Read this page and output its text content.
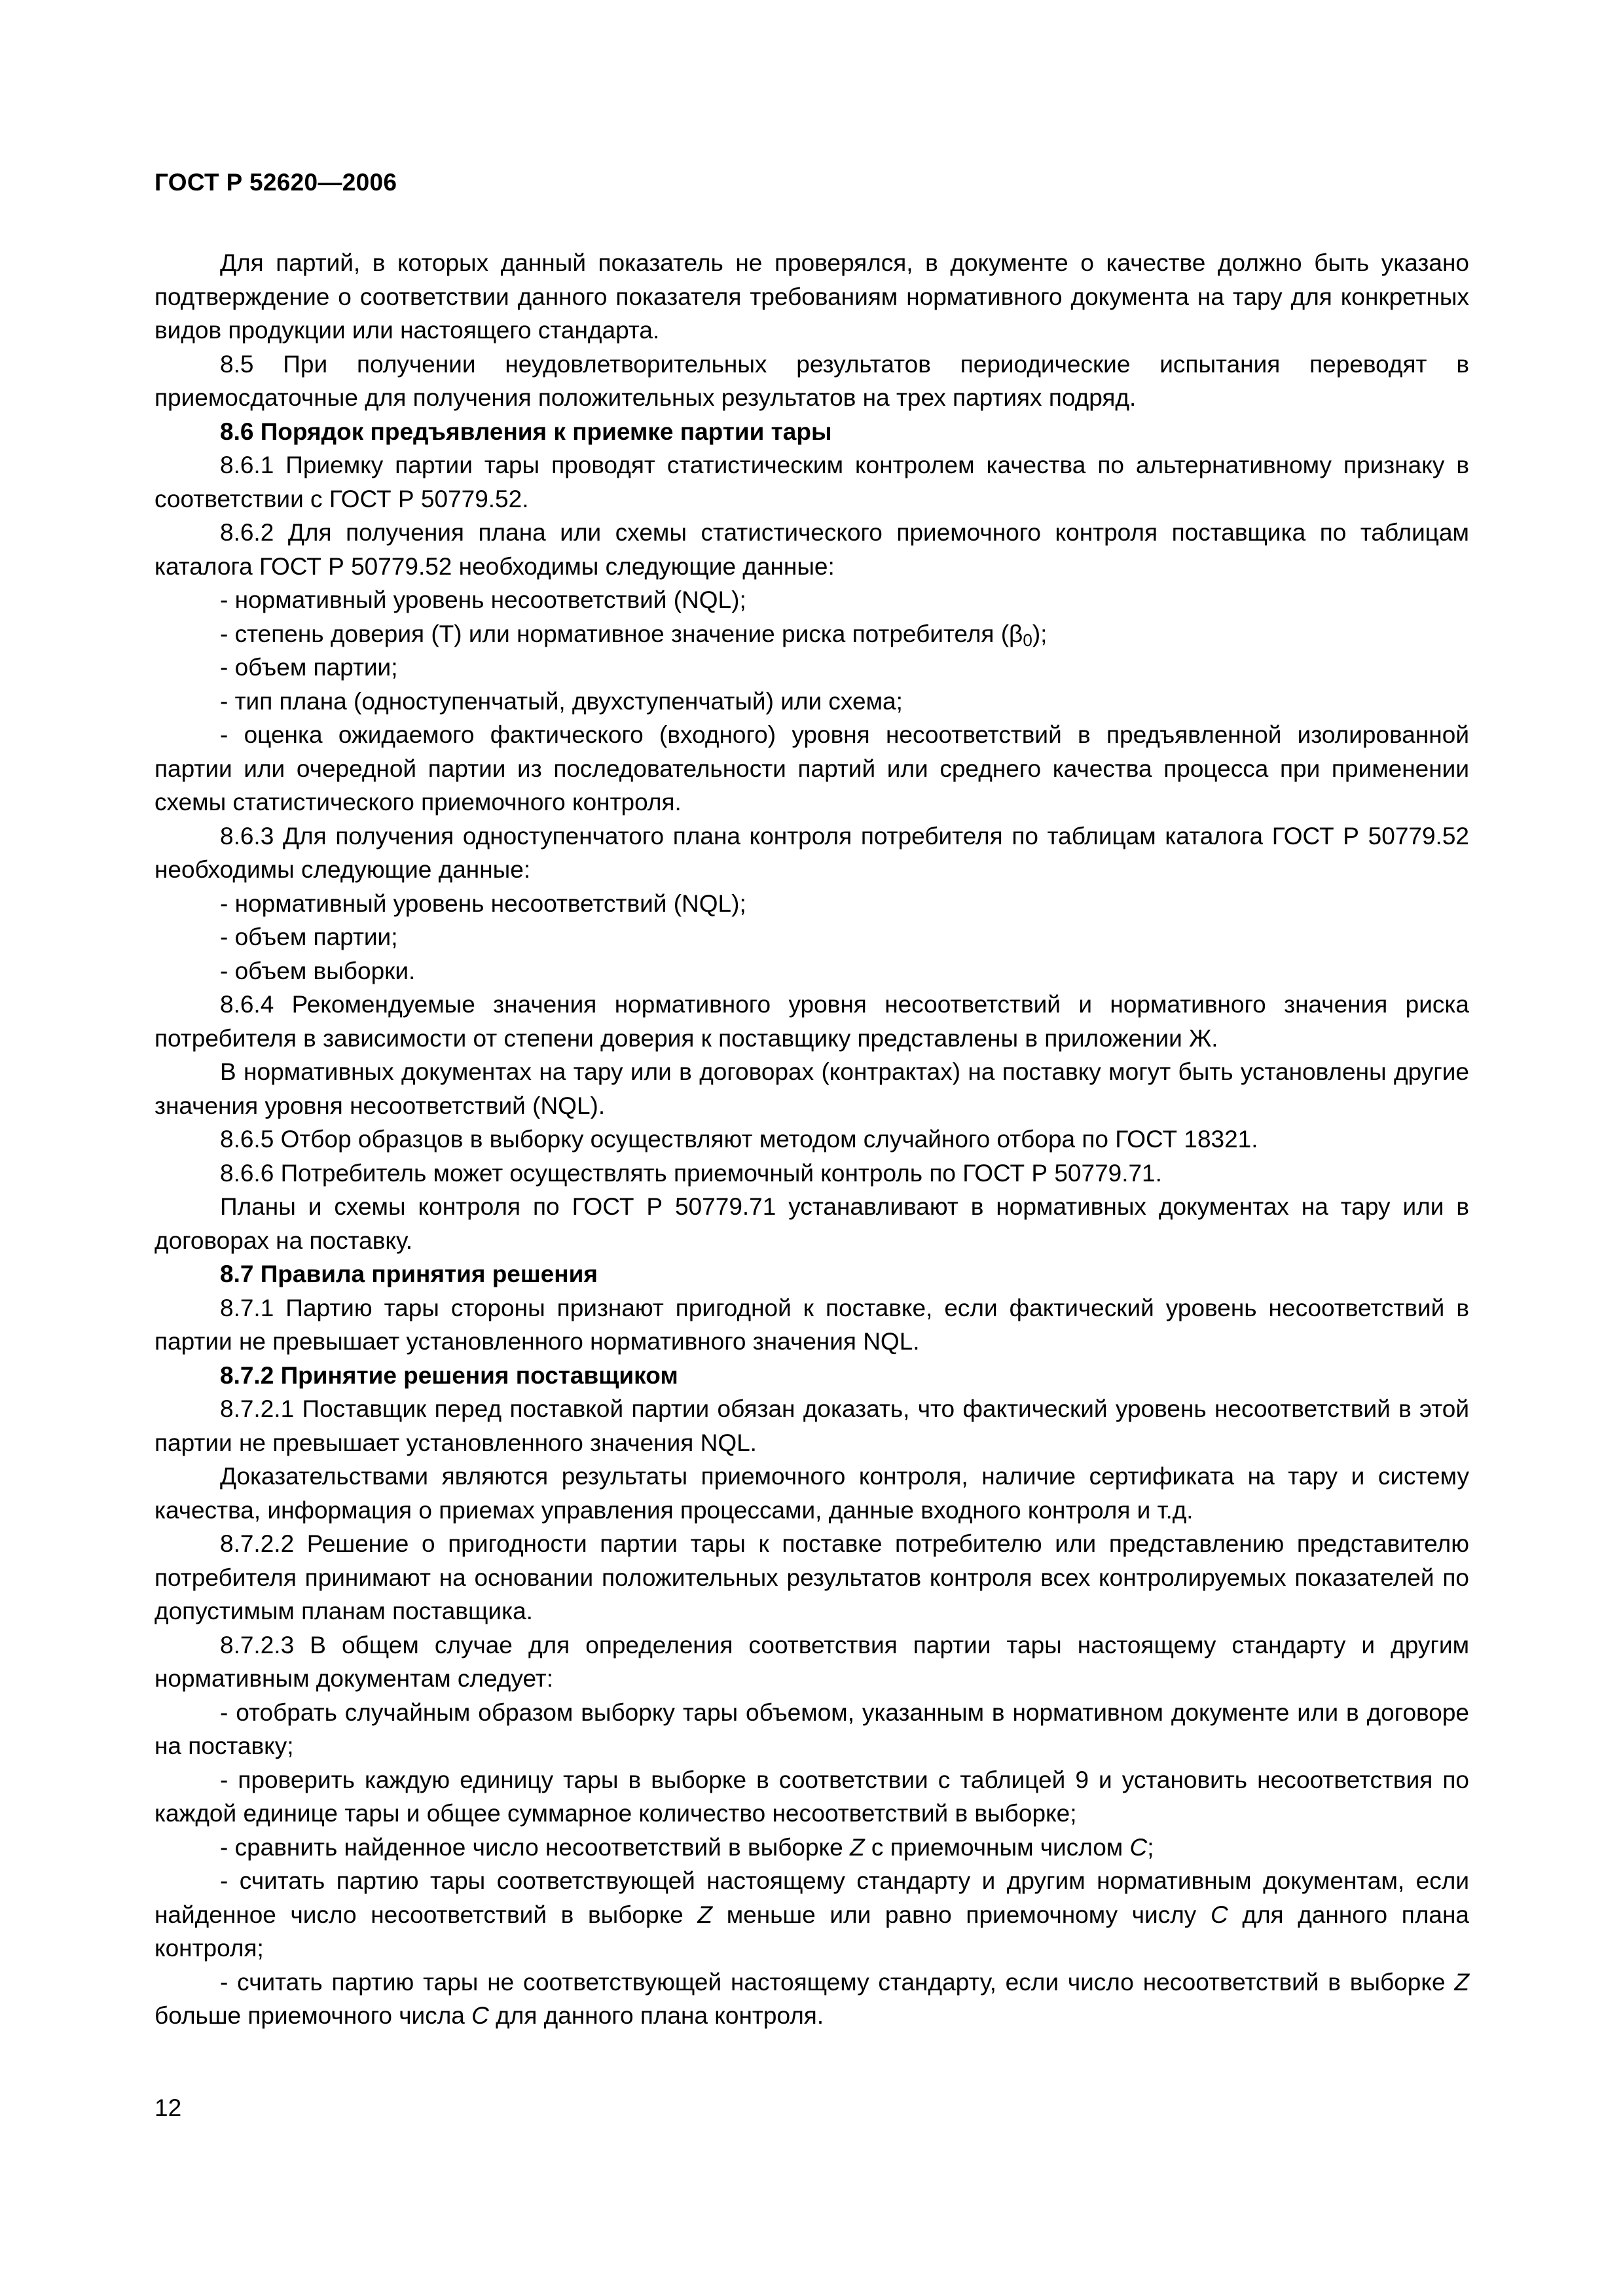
ГОСТ Р 52620—2006

Для партий, в которых данный показатель не проверялся, в документе о качестве должно быть указано подтверждение о соответствии данного показателя требованиям нормативного документа на тару для конкретных видов продукции или настоящего стандарта.

8.5 При получении неудовлетворительных результатов периодические испытания переводят в приемосдаточные для получения положительных результатов на трех партиях подряд.

8.6 Порядок предъявления к приемке партии тары

8.6.1 Приемку партии тары проводят статистическим контролем качества по альтернативному признаку в соответствии с ГОСТ Р 50779.52.

8.6.2 Для получения плана или схемы статистического приемочного контроля поставщика по таблицам каталога ГОСТ Р 50779.52 необходимы следующие данные:

- нормативный уровень несоответствий (NQL);

- степень доверия (Т) или нормативное значение риска потребителя $(\beta_0)$;

- объем партии;

- тип плана (одноступенчатый, двухступенчатый) или схема;

- оценка ожидаемого фактического (входного) уровня несоответствий в предъявленной изолированной партии или очередной партии из последовательности партий или среднего качества процесса при применении схемы статистического приемочного контроля.

8.6.3 Для получения одноступенчатого плана контроля потребителя по таблицам каталога ГОСТ Р 50779.52 необходимы следующие данные:

- нормативный уровень несоответствий (NQL);

- объем партии;

- объем выборки.

8.6.4 Рекомендуемые значения нормативного уровня несоответствий и нормативного значения риска потребителя в зависимости от степени доверия к поставщику представлены в приложении Ж.

В нормативных документах на тару или в договорах (контрактах) на поставку могут быть установлены другие значения уровня несоответствий (NQL).

8.6.5 Отбор образцов в выборку осуществляют методом случайного отбора по ГОСТ 18321.

8.6.6 Потребитель может осуществлять приемочный контроль по ГОСТ Р 50779.71.

Планы и схемы контроля по ГОСТ Р 50779.71 устанавливают в нормативных документах на тару или в договорах на поставку.

8.7 Правила принятия решения

8.7.1 Партию тары стороны признают пригодной к поставке, если фактический уровень несоответствий в партии не превышает установленного нормативного значения NQL.

8.7.2 Принятие решения поставщиком

8.7.2.1 Поставщик перед поставкой партии обязан доказать, что фактический уровень несоответствий в этой партии не превышает установленного значения NQL.

Доказательствами являются результаты приемочного контроля, наличие сертификата на тару и систему качества, информация о приемах управления процессами, данные входного контроля и т.д.

8.7.2.2 Решение о пригодности партии тары к поставке потребителю или представлению представителю потребителя принимают на основании положительных результатов контроля всех контролируемых показателей по допустимым планам поставщика.

8.7.2.3 В общем случае для определения соответствия партии тары настоящему стандарту и другим нормативным документам следует:

- отобрать случайным образом выборку тары объемом, указанным в нормативном документе или в договоре на поставку;

- проверить каждую единицу тары в выборке в соответствии с таблицей 9 и установить несоответствия по каждой единице тары и общее суммарное количество несоответствий в выборке;

- сравнить найденное число несоответствий в выборке Z с приемочным числом C;

- считать партию тары соответствующей настоящему стандарту и другим нормативным документам, если найденное число несоответствий в выборке Z меньше или равно приемочному числу C для данного плана контроля;

- считать партию тары не соответствующей настоящему стандарту, если число несоответствий в выборке Z больше приемочного числа C для данного плана контроля.

12
